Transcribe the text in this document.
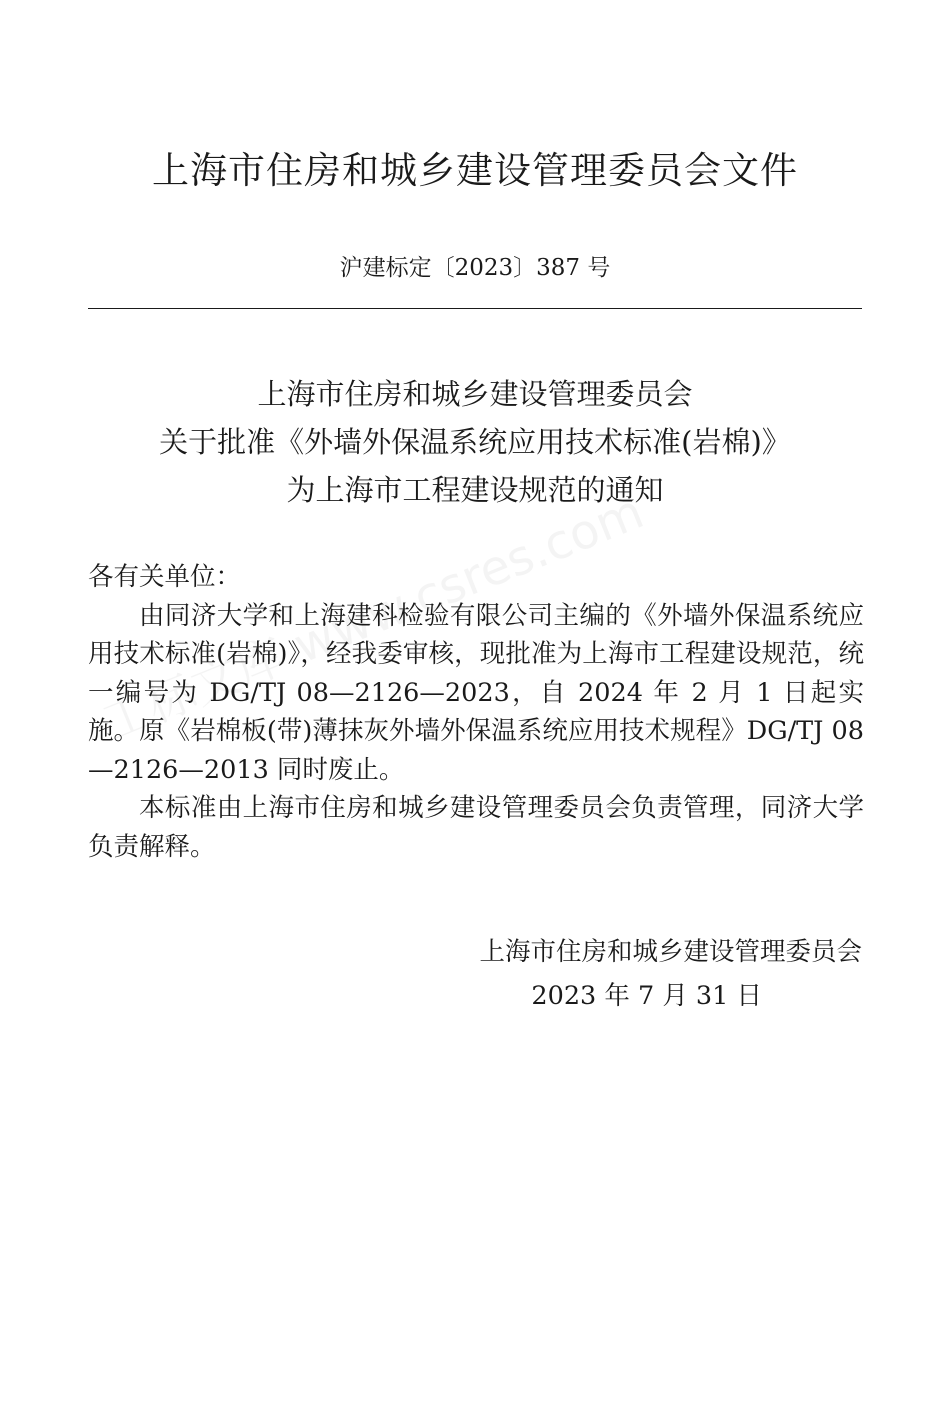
上海市住房和城乡建设管理委员会文件
沪建标定〔2023〕387 号
上海市住房和城乡建设管理委员会
关于批准《外墙外保温系统应用技术标准(岩棉)》
为上海市工程建设规范的通知

各有关单位：

由同济大学和上海建科检验有限公司主编的《外墙外保温系统应用技术标准(岩棉)》，经我委审核，现批准为上海市工程建设规范，统一编号为 DG/TJ 08—2126—2023，自 2024 年 2 月 1 日起实施。原《岩棉板(带)薄抹灰外墙外保温系统应用技术规程》DG/TJ 08—2126—2013 同时废止。

本标准由上海市住房和城乡建设管理委员会负责管理，同济大学负责解释。

上海市住房和城乡建设管理委员会
2023 年 7 月 31 日
